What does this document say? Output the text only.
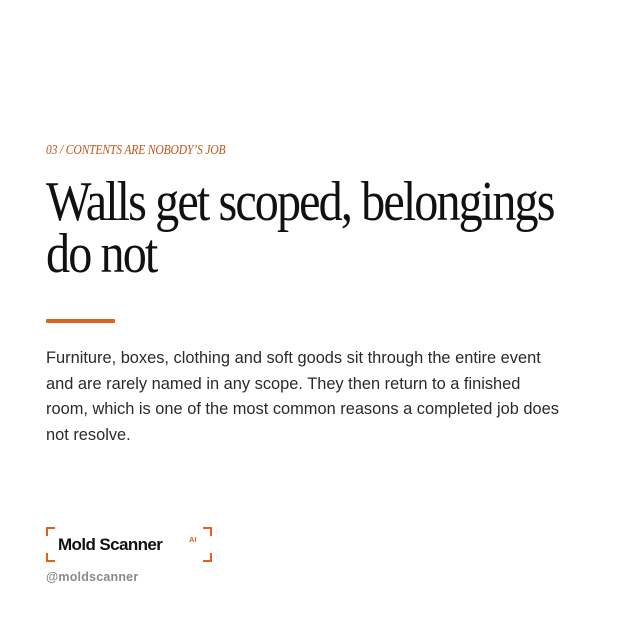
03 / CONTENTS ARE NOBODY’S JOB
Walls get scoped, belongings do not

Furniture, boxes, clothing and soft goods sit through the entire event and are rarely named in any scope. They then return to a finished room, which is one of the most common reasons a completed job does not resolve.

Mold Scanner	AI
@moldscanner
